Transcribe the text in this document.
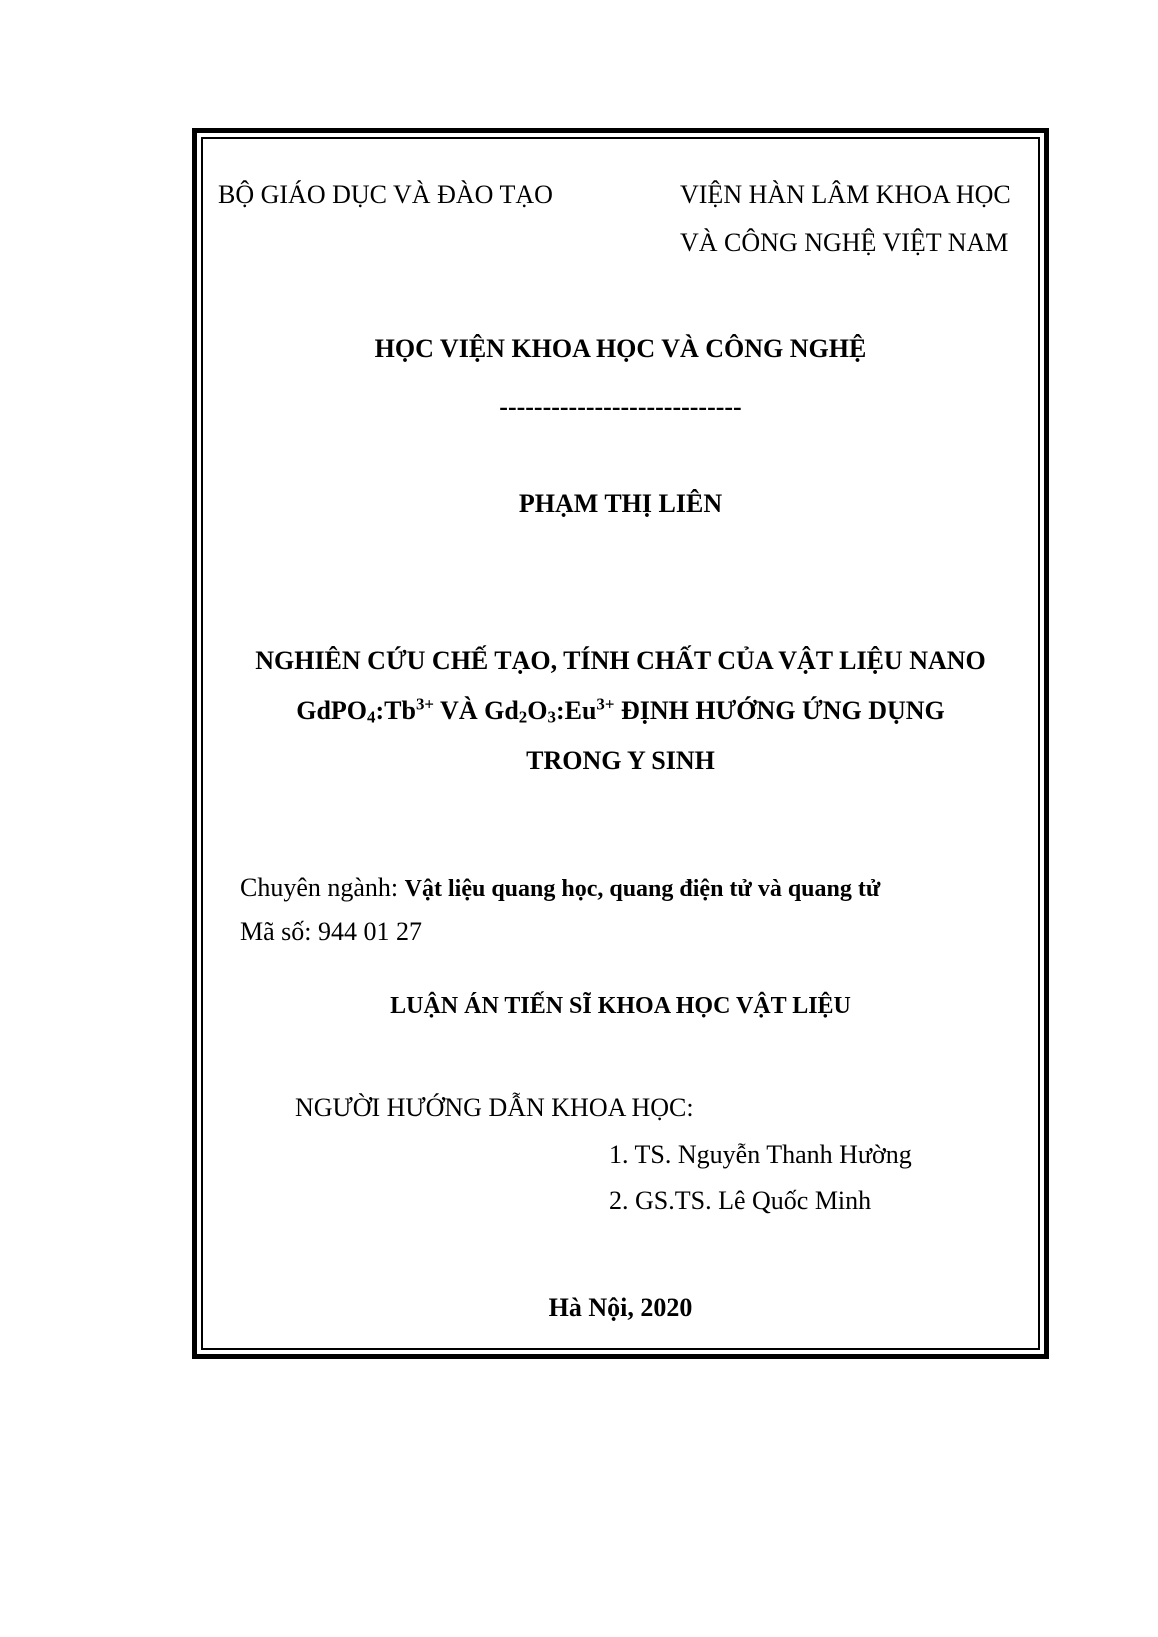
BỘ GIÁO DỤC VÀ ĐÀO TẠO	VIỆN HÀN LÂM KHOA HỌC
VÀ CÔNG NGHỆ VIỆT NAM
HỌC VIỆN KHOA HỌC VÀ CÔNG NGHỆ
----------------------------
PHẠM THỊ LIÊN
NGHIÊN CỨU CHẾ TẠO, TÍNH CHẤT CỦA VẬT LIỆU NANO
$GdPO_4:Tb^{3+}$ VÀ $Gd_2O_3:Eu^{3+}$ ĐỊNH HƯỚNG ỨNG DỤNG
TRONG Y SINH
Chuyên ngành: Vật liệu quang học, quang điện tử và quang tử
Mã số: 944 01 27
LUẬN ÁN TIẾN SĨ KHOA HỌC VẬT LIỆU
NGƯỜI HƯỚNG DẪN KHOA HỌC:
1. TS. Nguyễn Thanh Hường
2. GS.TS. Lê Quốc Minh
Hà Nội, 2020
